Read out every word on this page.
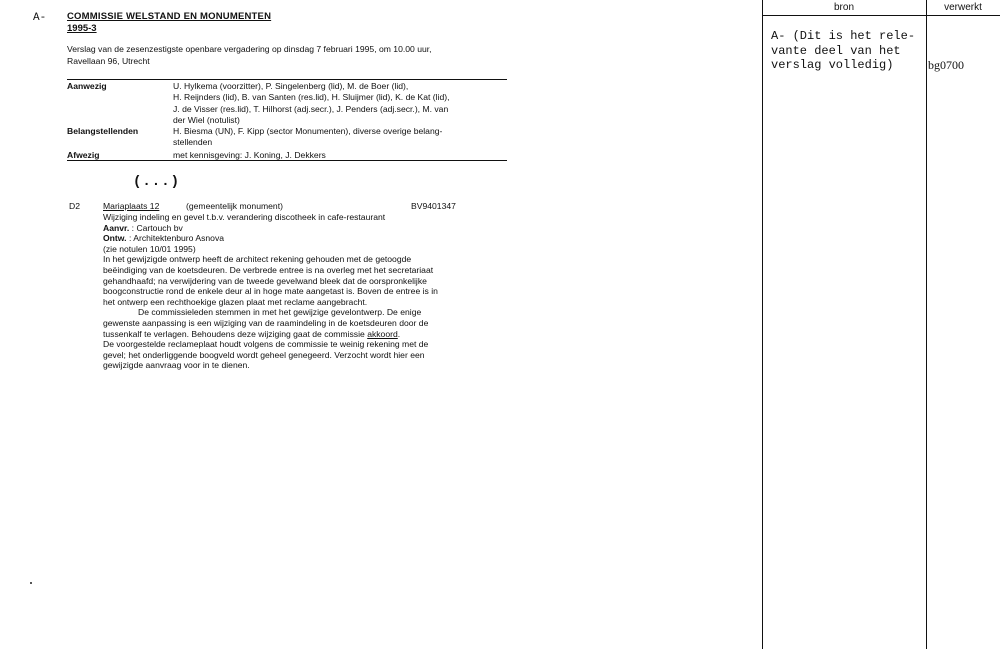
A- COMMISSIE WELSTAND EN MONUMENTEN
1995-3
Verslag van de zesenzestigste openbare vergadering op dinsdag 7 februari 1995, om 10.00 uur,
Ravellaan 96, Utrecht
Aanwezig	U. Hylkema (voorzitter), P. Singelenberg (lid), M. de Boer (lid),
H. Reijnders (lid), B. van Santen (res.lid), H. Sluijmer (lid), K. de Kat (lid),
J. de Visser (res.lid), T. Hilhorst (adj.secr.), J. Penders (adj.secr.), M. van
der Wiel (notulist)
Belangstellenden	H. Biesma (UN), F. Kipp (sector Monumenten), diverse overige belang-
stellenden
Afwezig	met kennisgeving: J. Koning, J. Dekkers
(...)
D2	Mariaplaats 12	(gemeentelijk monument)	BV9401347
Wijziging indeling en gevel t.b.v. verandering discotheek in cafe-restaurant
Aanvr. : Cartouch bv
Ontw. : Architektenburo Asnova
(zie notulen 10/01 1995)
In het gewijzigde ontwerp heeft de architect rekening gehouden met de getoogde
beëindiging van de koetsdeuren. De verbrede entree is na overleg met het secretariaat
gehandhaafd; na verwijdering van de tweede gevelwand bleek dat de oorspronkelijke
boogconstructie rond de enkele deur al in hoge mate aangetast is. Boven de entree is in
het ontwerp een rechthoekige glazen plaat met reclame aangebracht.
De commissieleden stemmen in met het gewijzige gevelontwerp. De enige
gewenste aanpassing is een wijziging van de raamindeling in de koetsdeuren door de
tussenkalf te verlagen. Behoudens deze wijziging gaat de commissie akkoord.
De voorgestelde reclameplaat houdt volgens de commissie te weinig rekening met de
gevel; het onderliggende boogveld wordt geheel genegeerd. Verzocht wordt hier een
gewijzigde aanvraag voor in te dienen.
bron	verwerkt
A- (Dit is het rele-
vante deel van het
verslag volledig)	bg0700
